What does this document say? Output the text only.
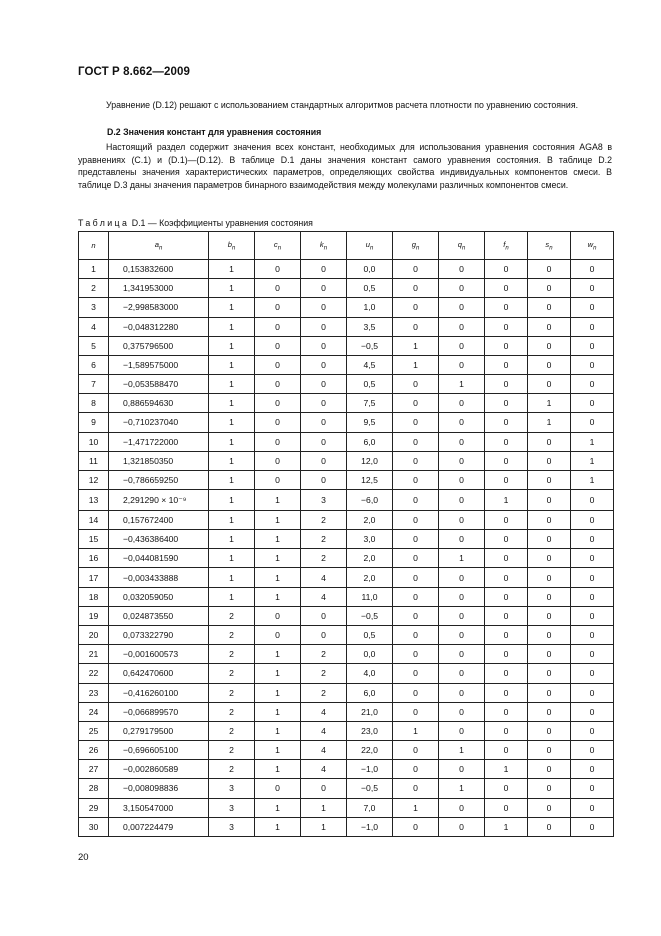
ГОСТ Р 8.662—2009

Уравнение (D.12) решают с использованием стандартных алгоритмов расчета плотности по уравнению состояния.

D.2 Значения констант для уравнения состояния

Настоящий раздел содержит значения всех констант, необходимых для использования уравнения состояния AGA8 в уравнениях (С.1) и (D.1)—(D.12). В таблице D.1 даны значения констант самого уравнения состояния. В таблице D.2 представлены значения характеристических параметров, определяющих свойства индивидуальных компонентов смеси. В таблице D.3 даны значения параметров бинарного взаимодействия между молекулами различных компонентов смеси.

Таблица D.1 — Коэффициенты уравнения состояния
n	$a_n$	$b_n$	$c_n$	$k_n$	$u_n$	$g_n$	$q_n$	$f_n$	$s_n$	$w_n$
1	0,153832600	1	0	0	0,0	0	0	0	0	0
2	1,341953000	1	0	0	0,5	0	0	0	0	0
3	−2,998583000	1	0	0	1,0	0	0	0	0	0
4	−0,048312280	1	0	0	3,5	0	0	0	0	0
5	0,375796500	1	0	0	−0,5	1	0	0	0	0
6	−1,589575000	1	0	0	4,5	1	0	0	0	0
7	−0,053588470	1	0	0	0,5	0	1	0	0	0
8	0,886594630	1	0	0	7,5	0	0	0	1	0
9	−0,710237040	1	0	0	9,5	0	0	0	1	0
10	−1,471722000	1	0	0	6,0	0	0	0	0	1
11	1,321850350	1	0	0	12,0	0	0	0	0	1
12	−0,786659250	1	0	0	12,5	0	0	0	0	1
13	2,291290 × 10⁻⁹	1	1	3	−6,0	0	0	1	0	0
14	0,157672400	1	1	2	2,0	0	0	0	0	0
15	−0,436386400	1	1	2	3,0	0	0	0	0	0
16	−0,044081590	1	1	2	2,0	0	1	0	0	0
17	−0,003433888	1	1	4	2,0	0	0	0	0	0
18	0,032059050	1	1	4	11,0	0	0	0	0	0
19	0,024873550	2	0	0	−0,5	0	0	0	0	0
20	0,073322790	2	0	0	0,5	0	0	0	0	0
21	−0,001600573	2	1	2	0,0	0	0	0	0	0
22	0,642470600	2	1	2	4,0	0	0	0	0	0
23	−0,416260100	2	1	2	6,0	0	0	0	0	0
24	−0,066899570	2	1	4	21,0	0	0	0	0	0
25	0,279179500	2	1	4	23,0	1	0	0	0	0
26	−0,696605100	2	1	4	22,0	0	1	0	0	0
27	−0,002860589	2	1	4	−1,0	0	0	1	0	0
28	−0,008098836	3	0	0	−0,5	0	1	0	0	0
29	3,150547000	3	1	1	7,0	1	0	0	0	0
30	0,007224479	3	1	1	−1,0	0	0	1	0	0
20
